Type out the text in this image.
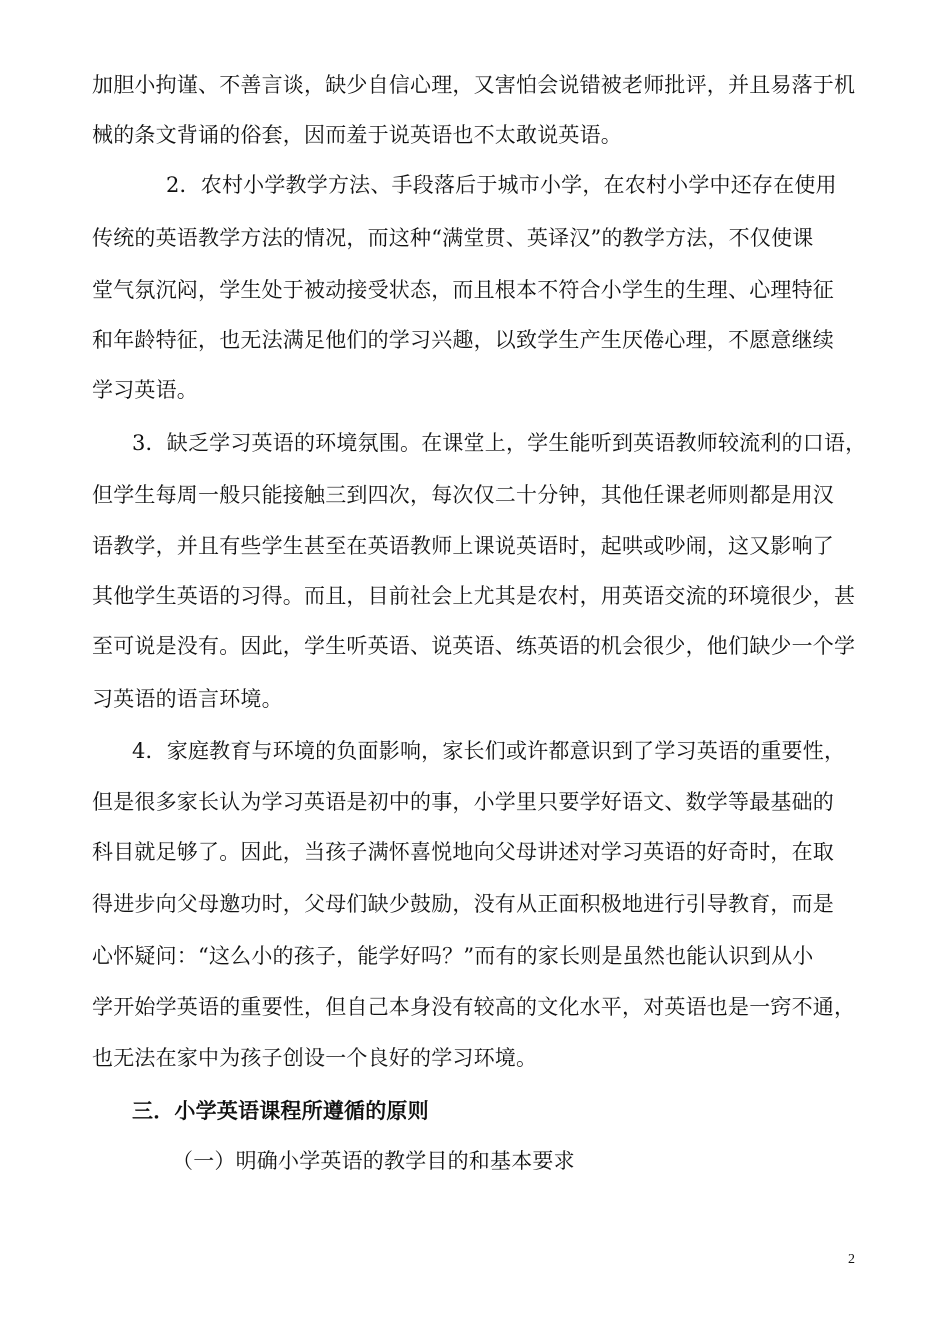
加胆小拘谨、不善言谈，缺少自信心理，又害怕会说错被老师批评，并且易落于机

械的条文背诵的俗套，因而羞于说英语也不太敢说英语。

2．农村小学教学方法、手段落后于城市小学，在农村小学中还存在使用

传统的英语教学方法的情况，而这种“满堂贯、英译汉”的教学方法，不仅使课

堂气氛沉闷，学生处于被动接受状态，而且根本不符合小学生的生理、心理特征

和年龄特征，也无法满足他们的学习兴趣，以致学生产生厌倦心理，不愿意继续

学习英语。

3．缺乏学习英语的环境氛围。在课堂上，学生能听到英语教师较流利的口语，

但学生每周一般只能接触三到四次，每次仅二十分钟，其他任课老师则都是用汉

语教学，并且有些学生甚至在英语教师上课说英语时，起哄或吵闹，这又影响了

其他学生英语的习得。而且，目前社会上尤其是农村，用英语交流的环境很少，甚

至可说是没有。因此，学生听英语、说英语、练英语的机会很少，他们缺少一个学

习英语的语言环境。

4．家庭教育与环境的负面影响，家长们或许都意识到了学习英语的重要性，

但是很多家长认为学习英语是初中的事，小学里只要学好语文、数学等最基础的

科目就足够了。因此，当孩子满怀喜悦地向父母讲述对学习英语的好奇时，在取

得进步向父母邀功时，父母们缺少鼓励，没有从正面积极地进行引导教育，而是

心怀疑问：“这么小的孩子，能学好吗？”而有的家长则是虽然也能认识到从小

学开始学英语的重要性，但自己本身没有较高的文化水平，对英语也是一窍不通，

也无法在家中为孩子创设一个良好的学习环境。

三．小学英语课程所遵循的原则

（一）明确小学英语的教学目的和基本要求

2
